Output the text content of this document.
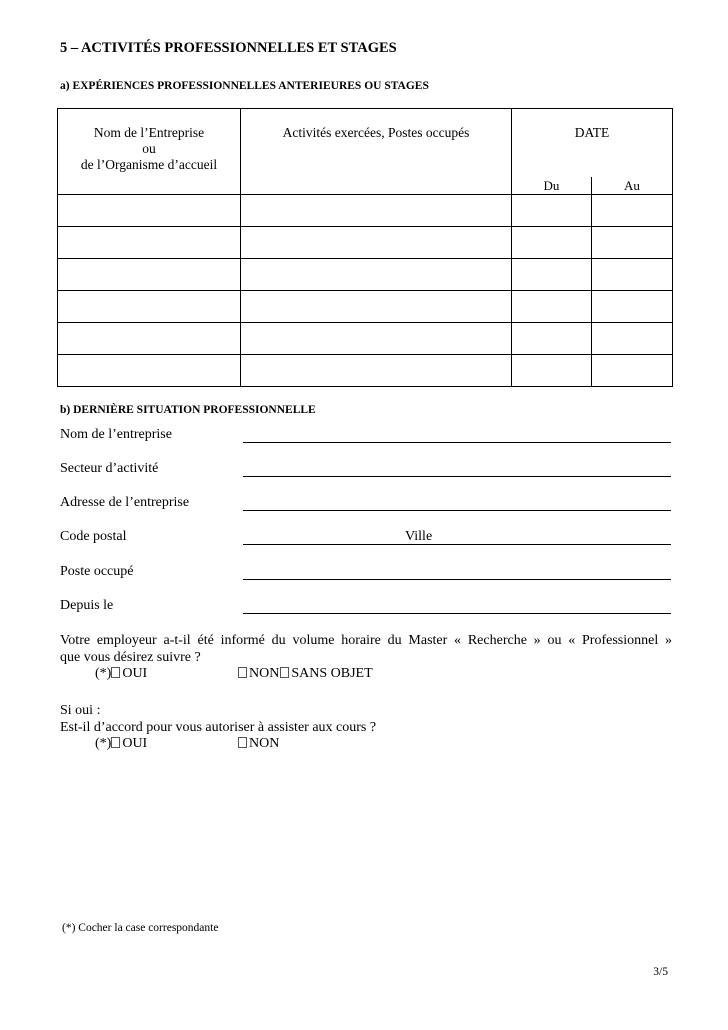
5 – ACTIVITÉS PROFESSIONNELLES ET STAGES
a) EXPÉRIENCES PROFESSIONNELLES ANTERIEURES OU STAGES
Nom de l’Entreprise
ou
de l’Organisme d’accueil	Activités exercées, Postes occupés	DATE	
		Du	Au

b) DERNIÈRE SITUATION PROFESSIONNELLE
Nom de l’entreprise
Secteur d’activité
Adresse de l’entreprise
Code postal	Ville
Poste occupé
Depuis le
Votre employeur a-t-il été informé du volume horaire du Master « Recherche » ou « Professionnel »
que vous désirez suivre ?
(*) OUI	NON SANS OBJET
Si oui :
Est-il d’accord pour vous autoriser à assister aux cours ?
(*) OUI	NON
(*) Cocher la case correspondante
3/5
